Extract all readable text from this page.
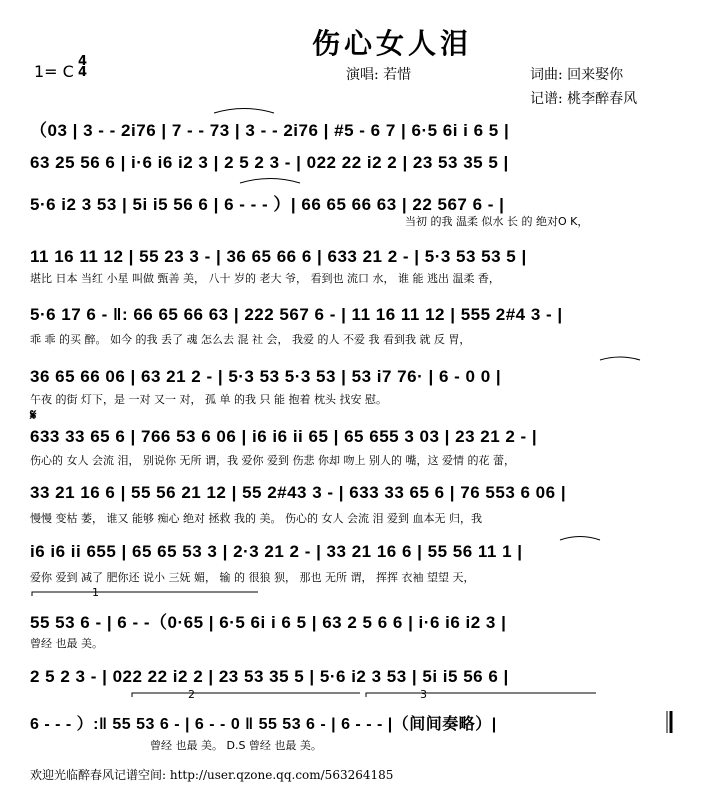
伤心女人泪
1= C
4
4	演唱: 若惜	词曲: 回来娶你
记谱: 桃李醉春风
（03 | 3 - - 2i76 | 7 - - 73 | 3 - - 2i76 | #5 - 6 7 | 6·5 6i i 6 5 |
63 25 56 6 | i·6 i6 i2 3 | 2 5 2 3 - | 022 22 i2 2 | 23 53 35 5 |
5·6 i2 3 53 | 5i i5 56 6 | 6 - - - ）| 66 65 66 63 | 22 567 6 - |
当初 的我 温柔 似水 长 的 绝对O K，
11 16 11 12 | 55 23 3 - | 36 65 66 6 | 633 21 2 - | 5·3 53 53 5 |
堪比 日本 当红 小星 叫做 甄善 美， 八十 岁的 老大 爷， 看到也 流口 水， 谁 能 逃出 温柔 香，
5·6 17 6 - ‖: 66 65 66 63 | 222 567 6 - | 11 16 11 12 | 555 2#4 3 - |
乖 乖 的买 醉。 如今 的我 丢了 魂 怎么去 混 社 会， 我爱 的人 不爱 我 看到我 就 反 胃，
36 65 66 06 | 63 21 2 - | 5·3 53 5·3 53 | 53 i7 76· | 6 - 0 0 |
午夜 的街 灯下，是 一对 又一 对， 孤 单 的我 只 能 抱着 枕头 找安 慰。
𝄋
633 33 65 6 | 766 53 6 06 | i6 i6 ii 65 | 65 655 3 03 | 23 21 2 - |
伤心的 女人 会流 泪， 别说你 无所 谓，我 爱你 爱到 伤悲 你却 吻上 别人的 嘴，这 爱情 的花 蕾，
33 21 16 6 | 55 56 21 12 | 55 2#43 3 - | 633 33 65 6 | 76 553 6 06 |
慢慢 变枯 萎， 谁又 能够 痴心 绝对 拯救 我的 美。 伤心的 女人 会流 泪 爱到 血本无 归，我
i6 i6 ii 655 | 65 65 53 3 | 2·3 21 2 - | 33 21 16 6 | 55 56 11 1 |
爱你 爱到 减了 肥你还 说小 三妩 媚， 输 的 很狼 狈， 那也 无所 谓， 挥挥 衣袖 望望 天，
1
55 53 6 - | 6 - -（0·65 | 6·5 6i i 6 5 | 63 2 5 6 6 | i·6 i6 i2 3 |
曾经 也最 美。
2 5 2 3 - | 022 22 i2 2 | 23 53 35 5 | 5·6 i2 3 53 | 5i i5 56 6 |
2	3
6 - - - ）:‖ 55 53 6 - | 6 - - 0 ‖ 55 53 6 - | 6 - - - |（间间奏略）|
曾经 也最 美。 D.S 曾经 也最 美。
欢迎光临醉春风记谱空间: http://user.qzone.qq.com/563264185
